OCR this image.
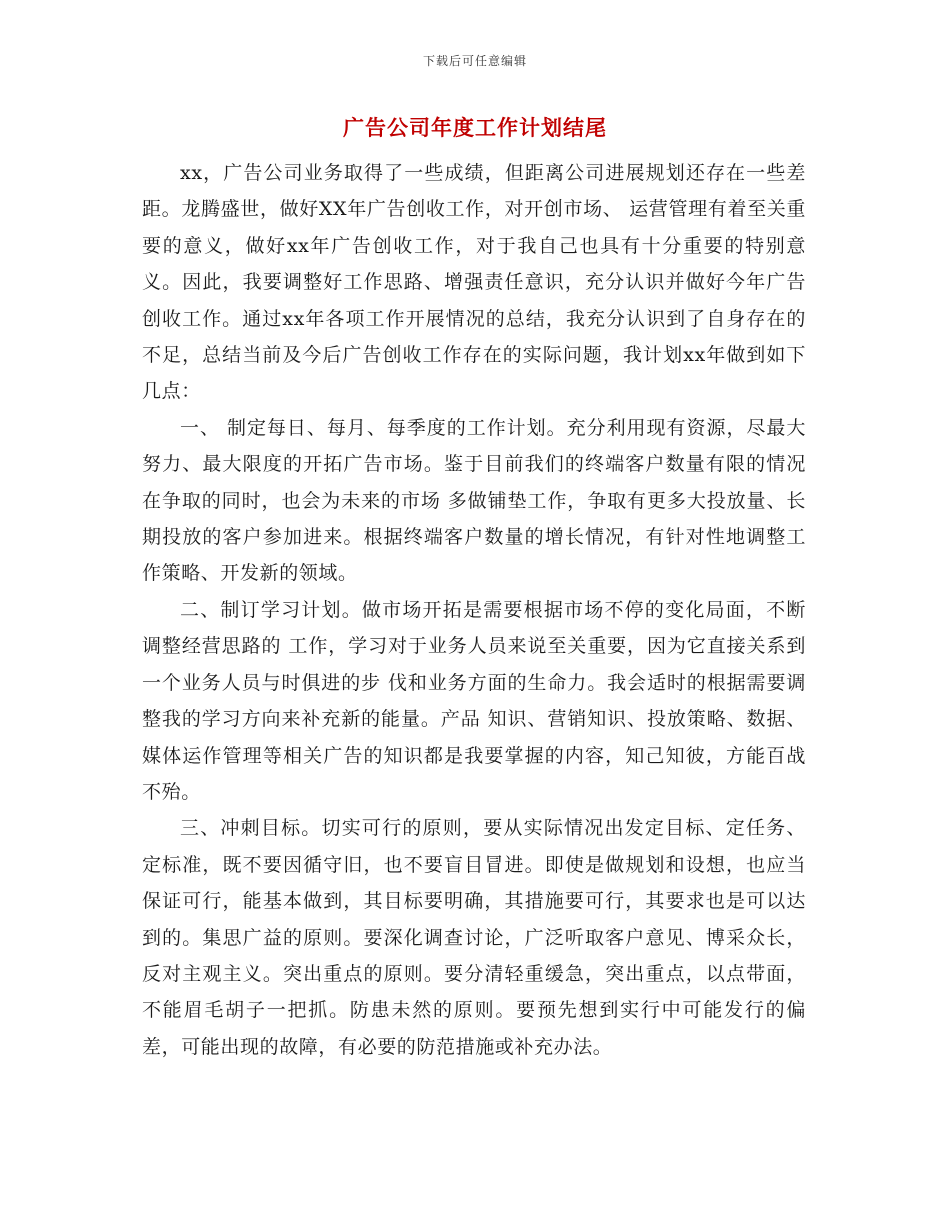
下载后可任意编辑
广告公司年度工作计划结尾

xx，广告公司业务取得了一些成绩，但距离公司进展规划还存在一些差距。龙腾盛世，做好XX年广告创收工作，对开创市场、 运营管理有着至关重要的意义，做好xx年广告创收工作，对于我自己也具有十分重要的特别意义。因此，我要调整好工作思路、增强责任意识，充分认识并做好今年广告创收工作。通过xx年各项工作开展情况的总结，我充分认识到了自身存在的不足，总结当前及今后广告创收工作存在的实际问题，我计划xx年做到如下几点：

一、 制定每日、每月、每季度的工作计划。充分利用现有资源，尽最大努力、最大限度的开拓广告市场。鉴于目前我们的终端客户数量有限的情况在争取的同时，也会为未来的市场 多做铺垫工作，争取有更多大投放量、长期投放的客户参加进来。根据终端客户数量的增长情况，有针对性地调整工作策略、开发新的领域。

二、制订学习计划。做市场开拓是需要根据市场不停的变化局面，不断调整经营思路的 工作，学习对于业务人员来说至关重要，因为它直接关系到一个业务人员与时俱进的步 伐和业务方面的生命力。我会适时的根据需要调整我的学习方向来补充新的能量。产品 知识、营销知识、投放策略、数据、媒体运作管理等相关广告的知识都是我要掌握的内容，知己知彼，方能百战不殆。

三、冲刺目标。切实可行的原则，要从实际情况出发定目标、定任务、定标准，既不要因循守旧，也不要盲目冒进。即使是做规划和设想，也应当保证可行，能基本做到，其目标要明确，其措施要可行，其要求也是可以达到的。集思广益的原则。要深化调查讨论，广泛听取客户意见、博采众长，反对主观主义。突出重点的原则。要分清轻重缓急，突出重点，以点带面，不能眉毛胡子一把抓。防患未然的原则。要预先想到实行中可能发行的偏差，可能出现的故障，有必要的防范措施或补充办法。
